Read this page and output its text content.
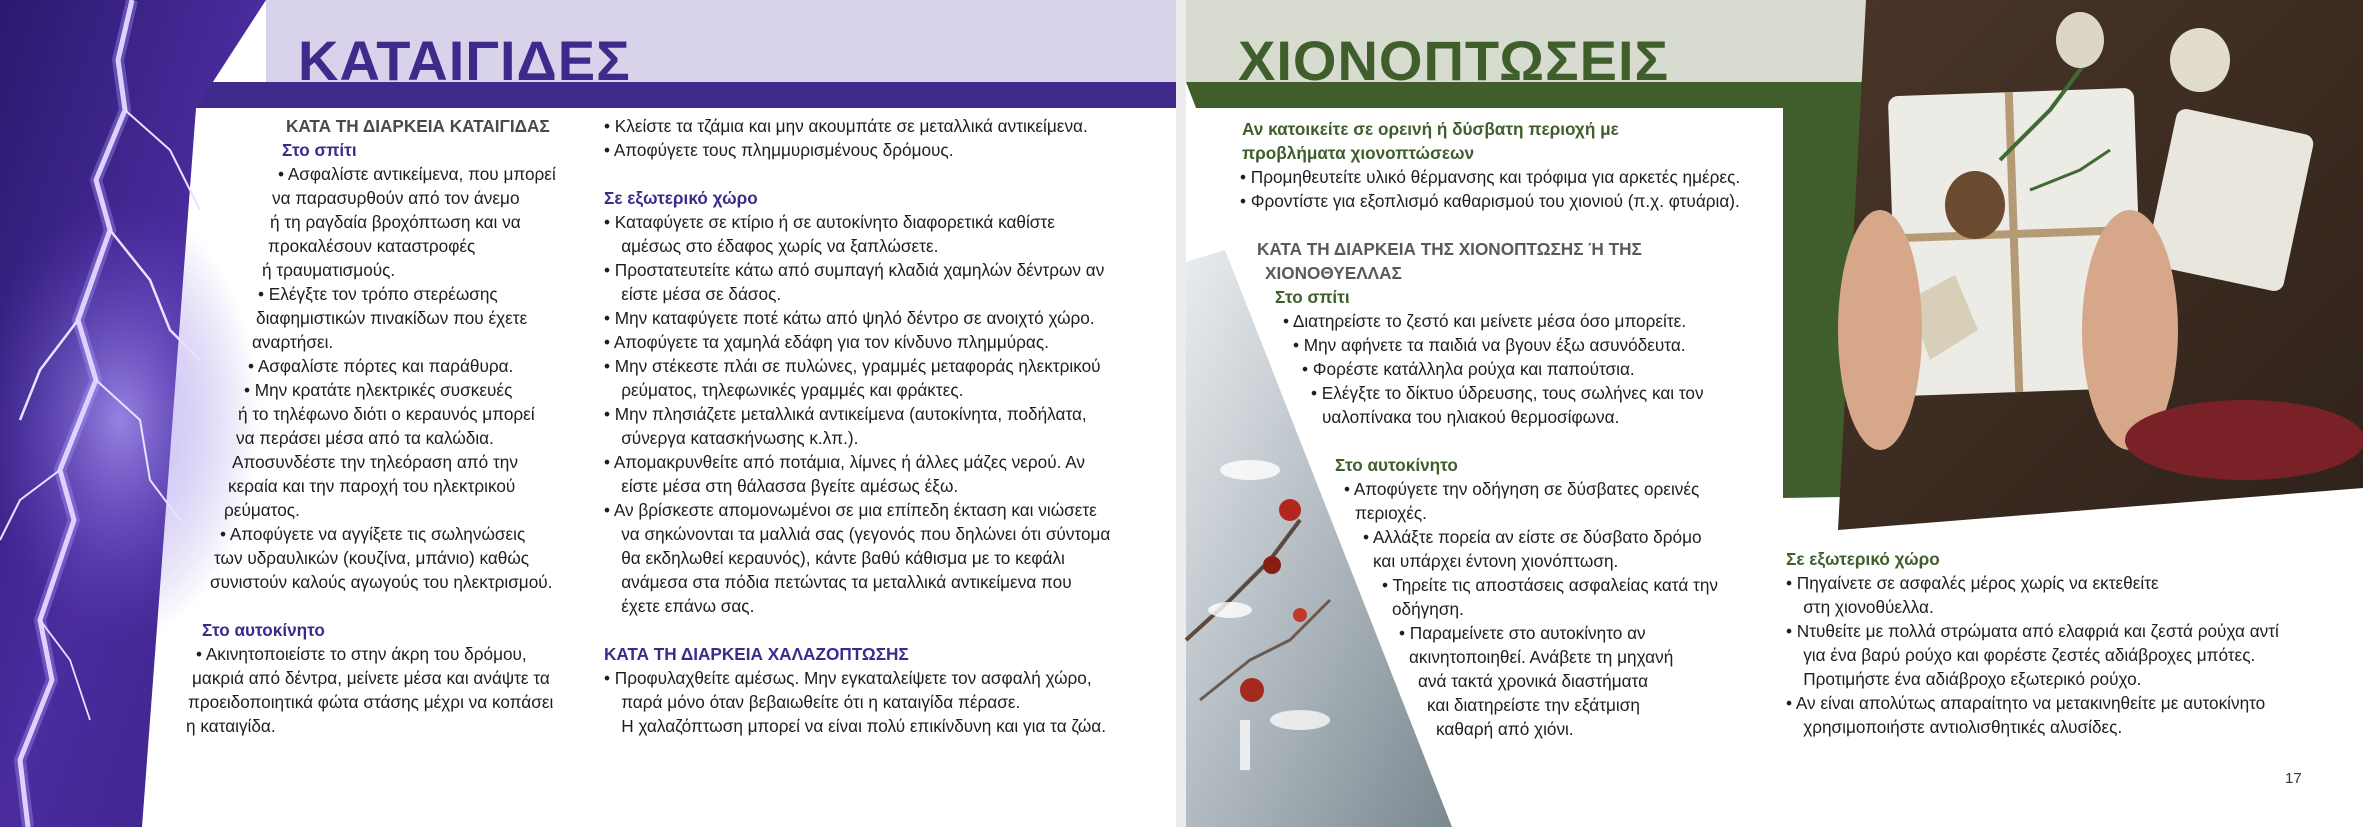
ΚΑΤΑΙΓΙΔΕΣ	ΧΙΟΝΟΠΤΩΣΕΙΣ
ΚΑΤΑ ΤΗ ΔΙΑΡΚΕΙΑ ΚΑΤΑΙΓΙΔΑΣ
Στο σπίτι
• Ασφαλίστε αντικείμενα, που μπορεί
να παρασυρθούν από τον άνεμο
ή τη ραγδαία βροχόπτωση και να
προκαλέσουν καταστροφές
ή τραυματισμούς.
• Ελέγξτε τον τρόπο στερέωσης
διαφημιστικών πινακίδων που έχετε
αναρτήσει.
• Ασφαλίστε πόρτες και παράθυρα.
• Μην κρατάτε ηλεκτρικές συσκευές
ή το τηλέφωνο διότι ο κεραυνός μπορεί
να περάσει μέσα από τα καλώδια.
Αποσυνδέστε την τηλεόραση από την
κεραία και την παροχή του ηλεκτρικού
ρεύματος.
• Αποφύγετε να αγγίξετε τις σωληνώσεις
των υδραυλικών (κουζίνα, μπάνιο) καθώς
συνιστούν καλούς αγωγούς του ηλεκτρισμού.
Στο αυτοκίνητο
• Ακινητοποιείστε το στην άκρη του δρόμου,
μακριά από δέντρα, μείνετε μέσα και ανάψτε τα
προειδοποιητικά φώτα στάσης μέχρι να κοπάσει
η καταιγίδα.
• Κλείστε τα τζάμια και μην ακουμπάτε σε μεταλλικά αντικείμενα.
• Αποφύγετε τους πλημμυρισμένους δρόμους.
Σε εξωτερικό χώρο
• Καταφύγετε σε κτίριο ή σε αυτοκίνητο διαφορετικά καθίστε
  αμέσως στο έδαφος χωρίς να ξαπλώσετε.
• Προστατευτείτε κάτω από συμπαγή κλαδιά χαμηλών δέντρων αν
  είστε μέσα σε δάσος.
• Μην καταφύγετε ποτέ κάτω από ψηλό δέντρο σε ανοιχτό χώρο.
• Αποφύγετε τα χαμηλά εδάφη για τον κίνδυνο πλημμύρας.
• Μην στέκεστε πλάι σε πυλώνες, γραμμές μεταφοράς ηλεκτρικού
  ρεύματος, τηλεφωνικές γραμμές και φράκτες.
• Μην πλησιάζετε μεταλλικά αντικείμενα (αυτοκίνητα, ποδήλατα,
  σύνεργα κατασκήνωσης κ.λπ.).
• Απομακρυνθείτε από ποτάμια, λίμνες ή άλλες μάζες νερού. Αν
  είστε μέσα στη θάλασσα βγείτε αμέσως έξω.
• Αν βρίσκεστε απομονωμένοι σε μια επίπεδη έκταση και νιώσετε
  να σηκώνονται τα μαλλιά σας (γεγονός που δηλώνει ότι σύντομα
  θα εκδηλωθεί κεραυνός), κάντε βαθύ κάθισμα με το κεφάλι
  ανάμεσα στα πόδια πετώντας τα μεταλλικά αντικείμενα που
  έχετε επάνω σας.
ΚΑΤΑ ΤΗ ΔΙΑΡΚΕΙΑ ΧΑΛΑΖΟΠΤΩΣΗΣ
• Προφυλαχθείτε αμέσως. Μην εγκαταλείψετε τον ασφαλή χώρο,
  παρά μόνο όταν βεβαιωθείτε ότι η καταιγίδα πέρασε.
  Η χαλαζόπτωση μπορεί να είναι πολύ επικίνδυνη και για τα ζώα.
Αν κατοικείτε σε ορεινή ή δύσβατη περιοχή με
προβλήματα χιονοπτώσεων
• Προμηθευτείτε υλικό θέρμανσης και τρόφιμα για αρκετές ημέρες.
• Φροντίστε για εξοπλισμό καθαρισμού του χιονιού (π.χ. φτυάρια).
ΚΑΤΑ ΤΗ ΔΙΑΡΚΕΙΑ ΤΗΣ ΧΙΟΝΟΠΤΩΣΗΣ Ή ΤΗΣ
ΧΙΟΝΟΘΥΕΛΛΑΣ
Στο σπίτι
• Διατηρείστε το ζεστό και μείνετε μέσα όσο μπορείτε.
• Μην αφήνετε τα παιδιά να βγουν έξω ασυνόδευτα.
• Φορέστε κατάλληλα ρούχα και παπούτσια.
• Ελέγξτε το δίκτυο ύδρευσης, τους σωλήνες και τον
υαλοπίνακα του ηλιακού θερμοσίφωνα.
Στο αυτοκίνητο
• Αποφύγετε την οδήγηση σε δύσβατες ορεινές
περιοχές.
• Αλλάξτε πορεία αν είστε σε δύσβατο δρόμο
και υπάρχει έντονη χιονόπτωση.
• Τηρείτε τις αποστάσεις ασφαλείας κατά την
οδήγηση.
• Παραμείνετε στο αυτοκίνητο αν
ακινητοποιηθεί. Ανάβετε τη μηχανή
ανά τακτά χρονικά διαστήματα
και διατηρείστε την εξάτμιση
καθαρή από χιόνι.
Σε εξωτερικό χώρο
• Πηγαίνετε σε ασφαλές μέρος χωρίς να εκτεθείτε
  στη χιονοθύελλα.
• Ντυθείτε με πολλά στρώματα από ελαφριά και ζεστά ρούχα αντί
  για ένα βαρύ ρούχο και φορέστε ζεστές αδιάβροχες μπότες.
  Προτιμήστε ένα αδιάβροχο εξωτερικό ρούχο.
• Αν είναι απολύτως απαραίτητο να μετακινηθείτε με αυτοκίνητο
  χρησιμοποιήστε αντιολισθητικές αλυσίδες.
17
